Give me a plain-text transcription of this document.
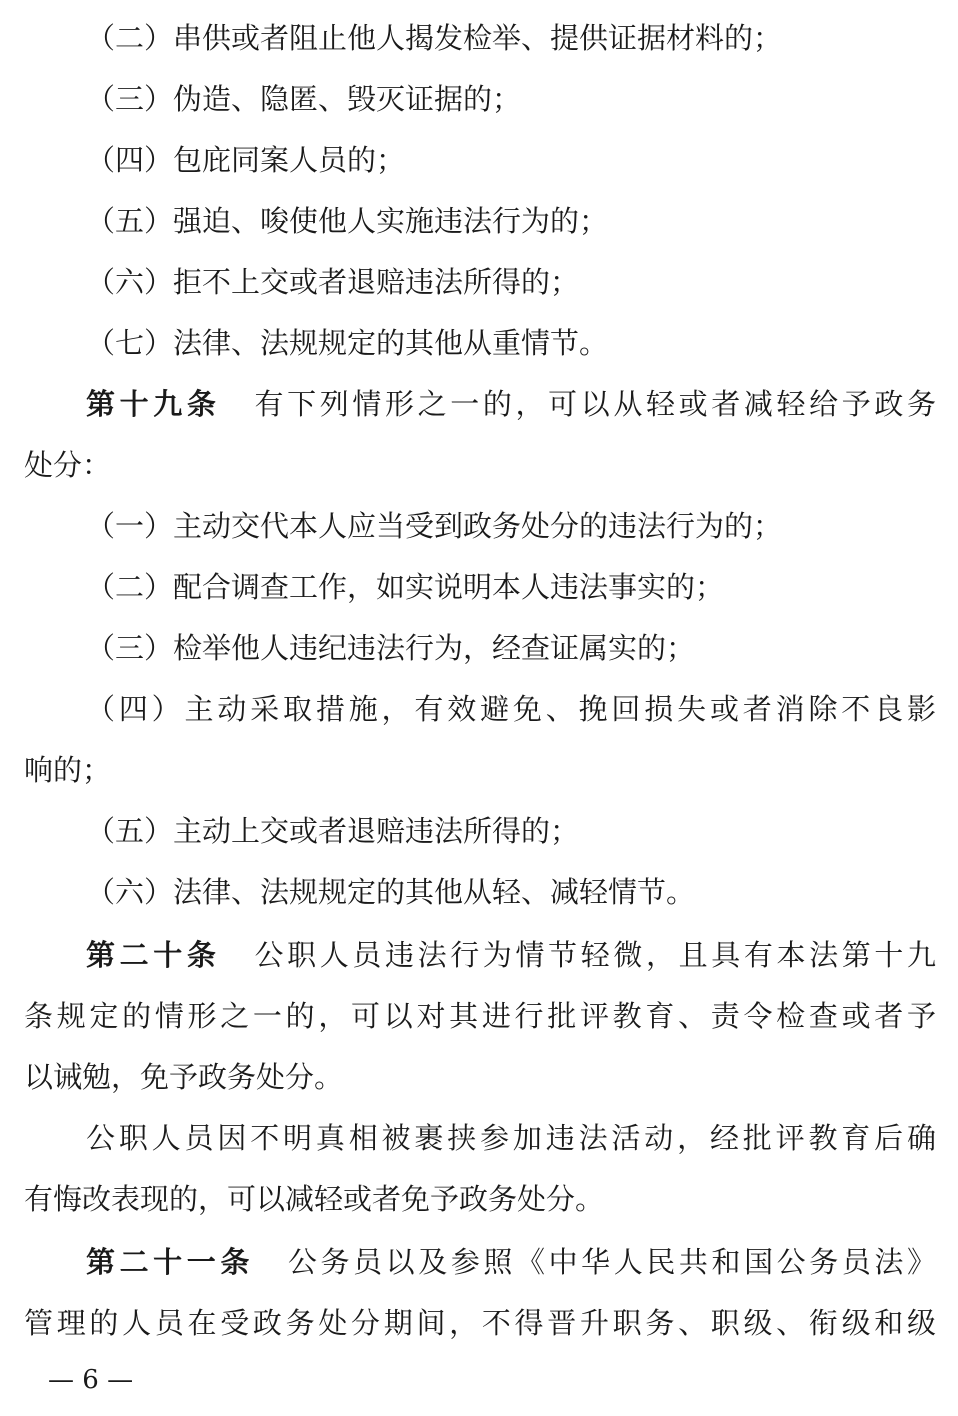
（二）串供或者阻止他人揭发检举、提供证据材料的；
（三）伪造、隐匿、毁灭证据的；
（四）包庇同案人员的；
（五）强迫、唆使他人实施违法行为的；
（六）拒不上交或者退赔违法所得的；
（七）法律、法规规定的其他从重情节。
第十九条 有下列情形之一的，可以从轻或者减轻给予政务
处分：
（一）主动交代本人应当受到政务处分的违法行为的；
（二）配合调查工作，如实说明本人违法事实的；
（三）检举他人违纪违法行为，经查证属实的；
（四）主动采取措施，有效避免、挽回损失或者消除不良影
响的；
（五）主动上交或者退赔违法所得的；
（六）法律、法规规定的其他从轻、减轻情节。
第二十条 公职人员违法行为情节轻微，且具有本法第十九
条规定的情形之一的，可以对其进行批评教育、责令检查或者予
以诫勉，免予政务处分。
公职人员因不明真相被裹挟参加违法活动，经批评教育后确
有悔改表现的，可以减轻或者免予政务处分。
第二十一条 公务员以及参照《中华人民共和国公务员法》
管理的人员在受政务处分期间，不得晋升职务、职级、衔级和级
— 6 —
